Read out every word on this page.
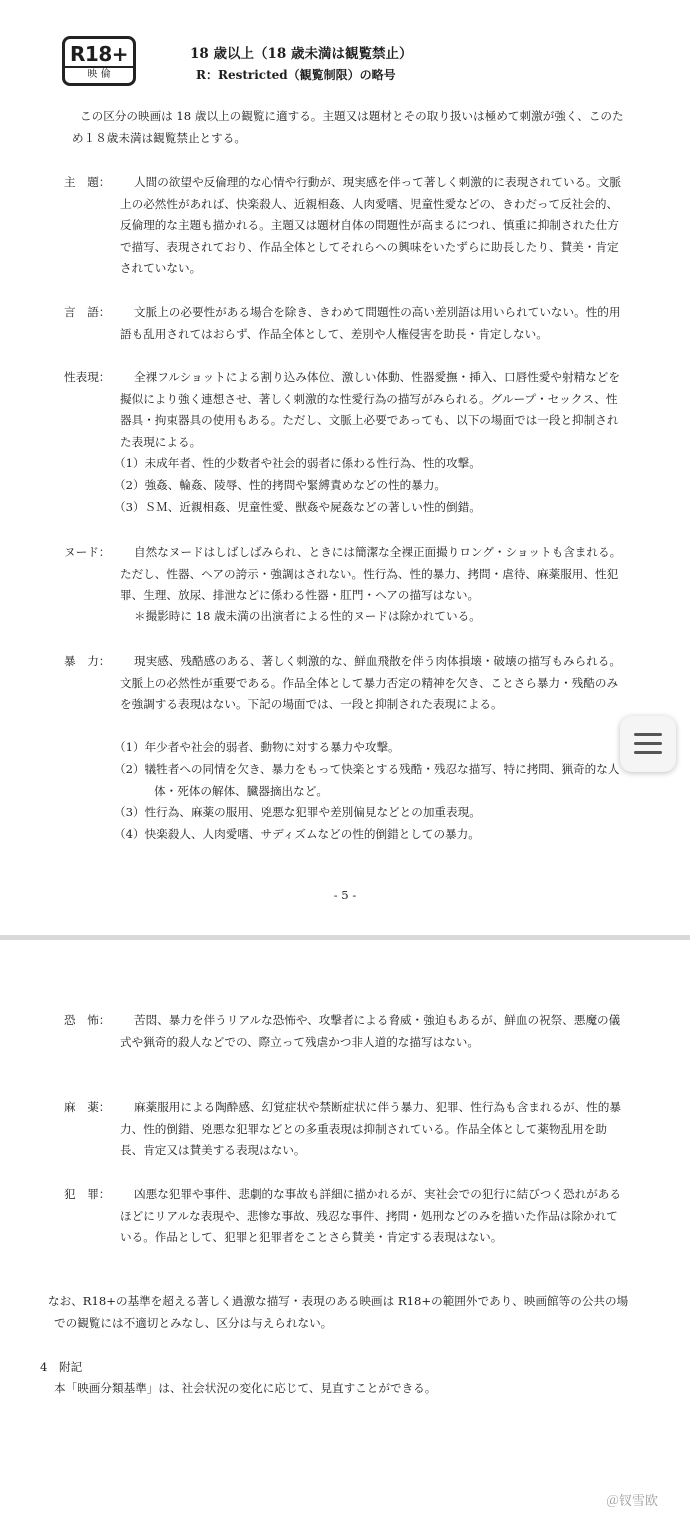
R18+
映 倫
18 歳以上（18 歳未満は観覧禁止）
R：Restricted（観覧制限）の略号
この区分の映画は 18 歳以上の観覧に適する。主題又は題材とその取り扱いは極めて刺激が強く、このため１８歳未満は観覧禁止とする。
主　題：	人間の欲望や反倫理的な心情や行動が、現実感を伴って著しく刺激的に表現されている。文脈上の必然性があれば、快楽殺人、近親相姦、人肉愛嗜、児童性愛などの、きわだって反社会的、反倫理的な主題も描かれる。主題又は題材自体の問題性が高まるにつれ、慎重に抑制された仕方で描写、表現されており、作品全体としてそれらへの興味をいたずらに助長したり、賛美・肯定されていない。
言　語：	文脈上の必要性がある場合を除き、きわめて問題性の高い差別語は用いられていない。性的用語も乱用されてはおらず、作品全体として、差別や人権侵害を助長・肯定しない。
性表現：	全裸フルショットによる割り込み体位、激しい体動、性器愛撫・挿入、口唇性愛や射精などを擬似により強く連想させ、著しく刺激的な性愛行為の描写がみられる。グループ・セックス、性器具・拘束器具の使用もある。ただし、文脈上必要であっても、以下の場面では一段と抑制された表現による。
（1）未成年者、性的少数者や社会的弱者に係わる性行為、性的攻撃。
（2）強姦、輪姦、陵辱、性的拷問や緊縛責めなどの性的暴力。
（3）ＳＭ、近親相姦、児童性愛、獣姦や屍姦などの著しい性的倒錯。
ヌード：	自然なヌードはしばしばみられ、ときには簡潔な全裸正面撮りロング・ショットも含まれる。ただし、性器、ヘアの誇示・強調はされない。性行為、性的暴力、拷問・虐待、麻薬服用、性犯罪、生理、放尿、排泄などに係わる性器・肛門・ヘアの描写はない。
＊撮影時に 18 歳未満の出演者による性的ヌードは除かれている。
暴　力：	現実感、残酷感のある、著しく刺激的な、鮮血飛散を伴う肉体損壊・破壊の描写もみられる。文脈上の必然性が重要である。作品全体として暴力否定の精神を欠き、ことさら暴力・残酷のみを強調する表現はない。下記の場面では、一段と抑制された表現による。
（1）年少者や社会的弱者、動物に対する暴力や攻撃。
（2）犠牲者への同情を欠き、暴力をもって快楽とする残酷・残忍な描写、特に拷問、猟奇的な人体・死体の解体、臓器摘出など。
（3）性行為、麻薬の服用、兇悪な犯罪や差別偏見などとの加重表現。
（4）快楽殺人、人肉愛嗜、サディズムなどの性的倒錯としての暴力。
- 5 -
恐　怖：	苦悶、暴力を伴うリアルな恐怖や、攻撃者による脅威・強迫もあるが、鮮血の祝祭、悪魔の儀式や猟奇的殺人などでの、際立って残虐かつ非人道的な描写はない。
麻　薬：	麻薬服用による陶酔感、幻覚症状や禁断症状に伴う暴力、犯罪、性行為も含まれるが、性的暴力、性的倒錯、兇悪な犯罪などとの多重表現は抑制されている。作品全体として薬物乱用を助長、肯定又は賛美する表現はない。
犯　罪：	凶悪な犯罪や事件、悲劇的な事故も詳細に描かれるが、実社会での犯行に結びつく恐れがあるほどにリアルな表現や、悲惨な事故、残忍な事件、拷問・処刑などのみを描いた作品は除かれている。作品として、犯罪と犯罪者をことさら賛美・肯定する表現はない。
なお、R18+の基準を超える著しく過激な描写・表現のある映画は R18+の範囲外であり、映画館等の公共の場での観覧には不適切とみなし、区分は与えられない。
4　附記
本「映画分類基準」は、社会状況の変化に応じて、見直すことができる。
＠钗雪欧
